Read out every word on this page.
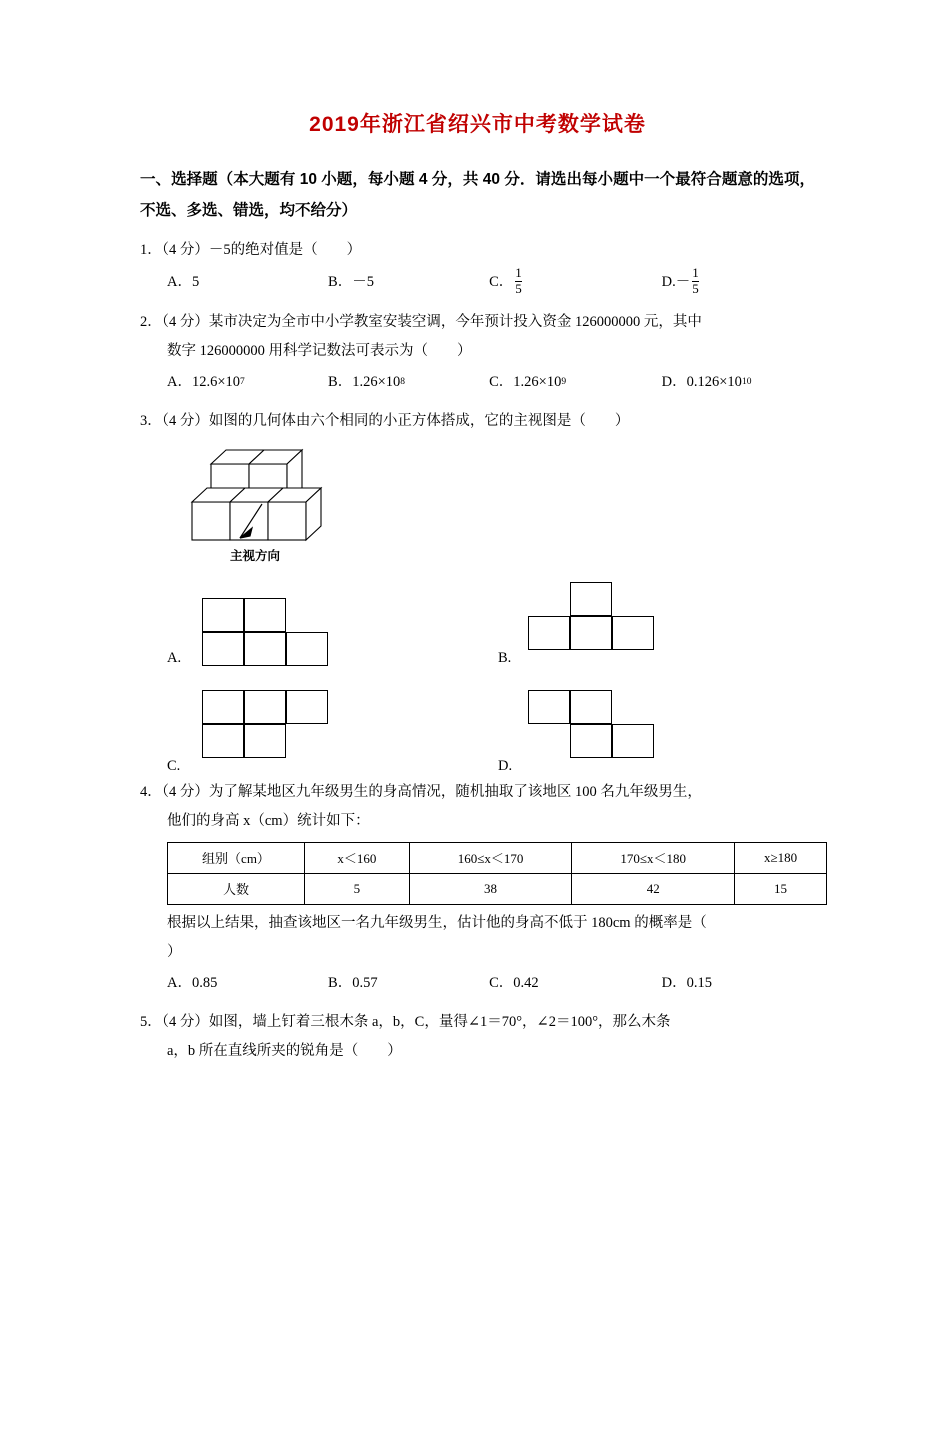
2019年浙江省绍兴市中考数学试卷
一、选择题（本大题有 10 小题，每小题 4 分，共 40 分．请选出每小题中一个最符合题意的选项，不选、多选、错选，均不给分）
1．（4 分）－5的绝对值是（　　）
A． 5	B． －5	C． $\frac{1}{5}$	D. － $\frac{1}{5}$
2．（4 分）某市决定为全市中小学教室安装空调，今年预计投入资金 126000000 元，其中
数字 126000000 用科学记数法可表示为（　　）
A． 12.6×10 7	B． 1.26×10 8	C． 1.26×10 9	D． 0.126×10 10
3．（4 分）如图的几何体由六个相同的小正方体搭成，它的主视图是（　　）
主视方向
A.	B.
C.	D.
4．（4 分）为了解某地区九年级男生的身高情况，随机抽取了该地区 100 名九年级男生，
他们的身高 x（cm）统计如下：
组别（cm）	x＜160	160≤x＜170	170≤x＜180	x≥180
人数	5	38	42	15
根据以上结果，抽查该地区一名九年级男生，估计他的身高不低于 180cm 的概率是（
）
A． 0.85	B． 0.57	C． 0.42	D． 0.15
5．（4 分）如图，墙上钉着三根木条 a，b，C，量得∠1＝70°，∠2＝100°，那么木条
a，b 所在直线所夹的锐角是（　　）
